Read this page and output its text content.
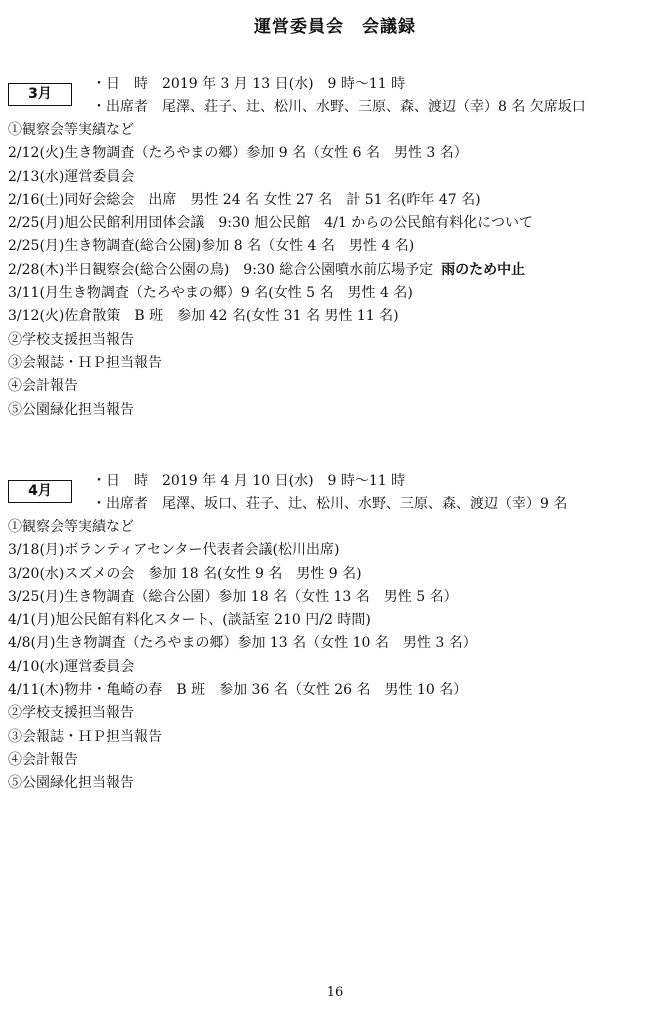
運営委員会　会議録
3月
・日　時　2019 年 3 月 13 日(水)　9 時～11 時
・出席者　尾澤、荘子、辻、松川、水野、三原、森、渡辺（幸）8 名 欠席坂口
①観察会等実績など
2/12(火)生き物調査（たろやまの郷）参加 9 名（女性 6 名　男性 3 名）
2/13(水)運営委員会
2/16(土)同好会総会　出席　男性 24 名 女性 27 名　計 51 名(昨年 47 名)
2/25(月)旭公民館利用団体会議　9:30 旭公民館　4/1 からの公民館有料化について
2/25(月)生き物調査(総合公園)参加 8 名（女性 4 名　男性 4 名)
2/28(木)半日観察会(総合公園の鳥)　9:30 総合公園噴水前広場予定 雨のため中止
3/11(月生き物調査（たろやまの郷）9 名(女性 5 名　男性 4 名)
3/12(火)佐倉散策　B 班　参加 42 名(女性 31 名 男性 11 名)
②学校支援担当報告
③会報誌・ＨＰ担当報告
④会計報告
⑤公園緑化担当報告
4月
・日　時　2019 年 4 月 10 日(水)　9 時～11 時
・出席者　尾澤、坂口、荘子、辻、松川、水野、三原、森、渡辺（幸）9 名
①観察会等実績など
3/18(月)ボランティアセンター代表者会議(松川出席)
3/20(水)スズメの会　参加 18 名(女性 9 名　男性 9 名)
3/25(月)生き物調査（総合公園）参加 18 名（女性 13 名　男性 5 名）
4/1(月)旭公民館有料化スタート、(談話室 210 円/2 時間)
4/8(月)生き物調査（たろやまの郷）参加 13 名（女性 10 名　男性 3 名）
4/10(水)運営委員会
4/11(木)物井・亀崎の春　B 班　参加 36 名（女性 26 名　男性 10 名）
②学校支援担当報告
③会報誌・ＨＰ担当報告
④会計報告
⑤公園緑化担当報告
16
